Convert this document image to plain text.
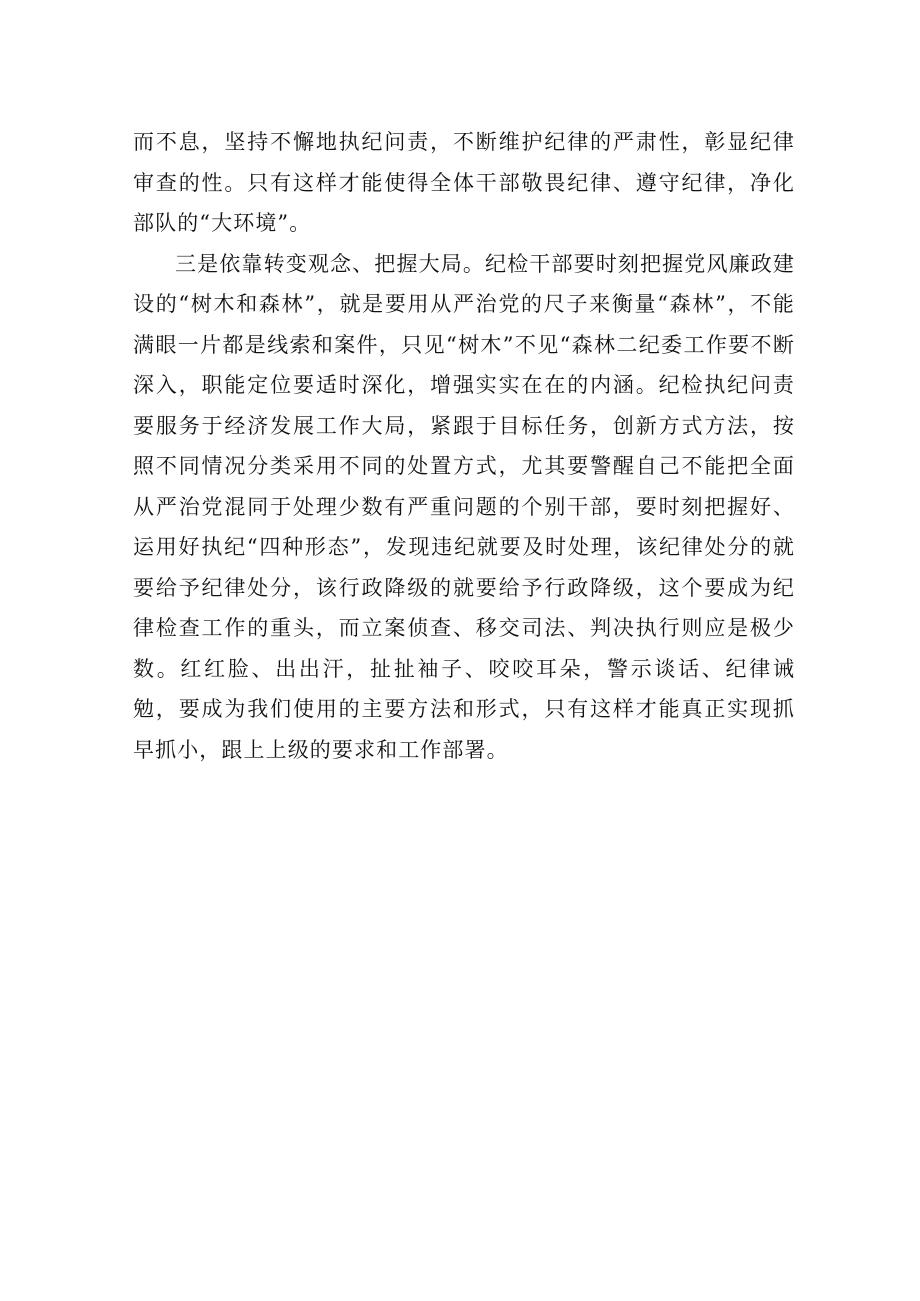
而不息，坚持不懈地执纪问责，不断维护纪律的严肃性，彰显纪律审查的性。只有这样才能使得全体干部敬畏纪律、遵守纪律，净化部队的“大环境”。

三是依靠转变观念、把握大局。纪检干部要时刻把握党风廉政建设的“树木和森林”，就是要用从严治党的尺子来衡量“森林”，不能满眼一片都是线索和案件，只见“树木”不见“森林二纪委工作要不断深入，职能定位要适时深化，增强实实在在的内涵。纪检执纪问责要服务于经济发展工作大局，紧跟于目标任务，创新方式方法，按照不同情况分类采用不同的处置方式，尤其要警醒自己不能把全面从严治党混同于处理少数有严重问题的个别干部，要时刻把握好、运用好执纪“四种形态”，发现违纪就要及时处理，该纪律处分的就要给予纪律处分，该行政降级的就要给予行政降级，这个要成为纪律检查工作的重头，而立案侦查、移交司法、判决执行则应是极少数。红红脸、出出汗，扯扯袖子、咬咬耳朵，警示谈话、纪律诫勉，要成为我们使用的主要方法和形式，只有这样才能真正实现抓早抓小，跟上上级的要求和工作部署。
